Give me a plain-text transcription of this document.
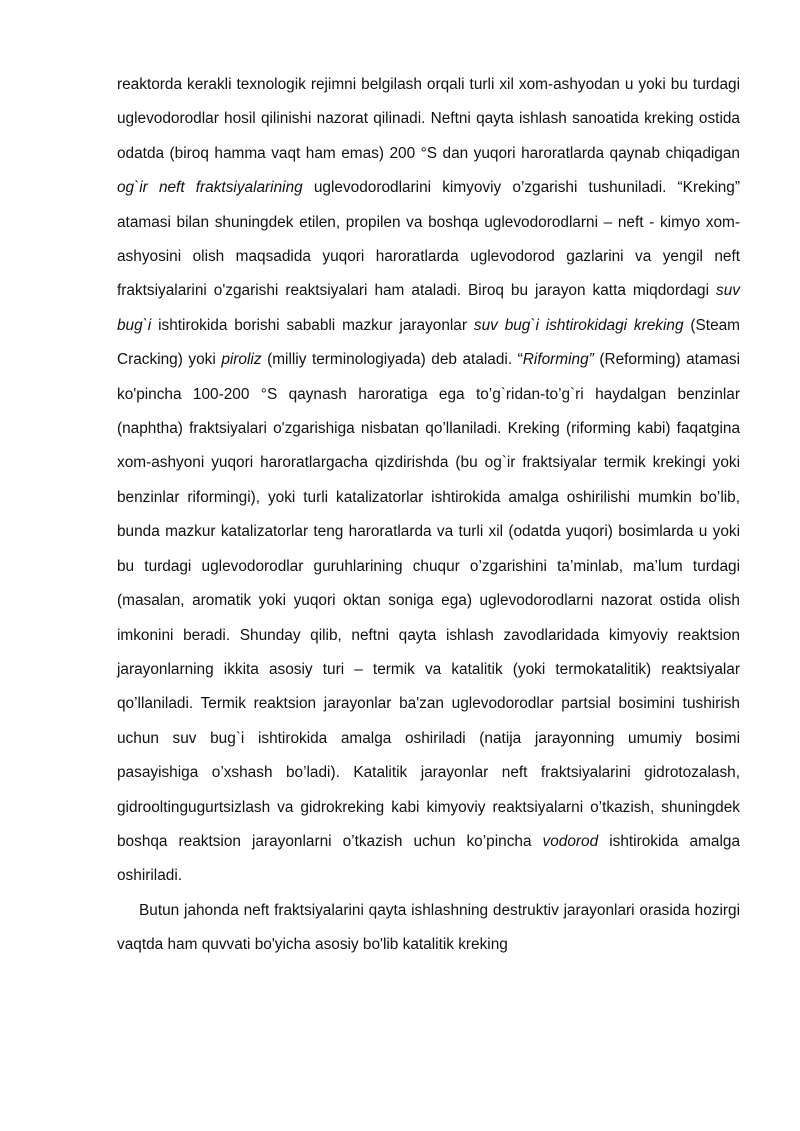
reaktorda kerakli texnologik rejimni belgilash orqali turli xil xom-ashyodan u yoki bu turdagi uglevodorodlar hosil qilinishi nazorat qilinadi. Neftni qayta ishlash sanoatida kreking ostida odatda (biroq hamma vaqt ham emas) 200 °S dan yuqori haroratlarda qaynab chiqadigan og`ir neft fraktsiyalarining uglevodorodlarini kimyoviy o’zgarishi tushuniladi. “Kreking” atamasi bilan shuningdek etilen, propilen va boshqa uglevodorodlarni – neft - kimyo xom-ashyosini olish maqsadida yuqori haroratlarda uglevodorod gazlarini va yengil neft fraktsiyalarini o'zgarishi reaktsiyalari ham ataladi. Biroq bu jarayon katta miqdordagi suv bug`i ishtirokida borishi sababli mazkur jarayonlar suv bug`i ishtirokidagi kreking (Steam Cracking) yoki piroliz (milliy terminologiyada) deb ataladi. “Riforming” (Reforming) atamasi ko'pincha 100-200 °S qaynash haroratiga ega to’g`ridan-to’g`ri haydalgan benzinlar (naphtha) fraktsiyalari o'zgarishiga nisbatan qo’llaniladi. Kreking (riforming kabi) faqatgina xom-ashyoni yuqori haroratlargacha qizdirishda (bu og`ir fraktsiyalar termik krekingi yoki benzinlar riformingi), yoki turli katalizatorlar ishtirokida amalga oshirilishi mumkin bo’lib, bunda mazkur katalizatorlar teng haroratlarda va turli xil (odatda yuqori) bosimlarda u yoki bu turdagi uglevodorodlar guruhlarining chuqur o’zgarishini ta’minlab, ma’lum turdagi (masalan, aromatik yoki yuqori oktan soniga ega) uglevodorodlarni nazorat ostida olish imkonini beradi. Shunday qilib, neftni qayta ishlash zavodlaridada kimyoviy reaktsion jarayonlarning ikkita asosiy turi – termik va katalitik (yoki termokatalitik) reaktsiyalar qo’llaniladi. Termik reaktsion jarayonlar ba'zan uglevodorodlar partsial bosimini tushirish uchun suv bug`i ishtirokida amalga oshiriladi (natija jarayonning umumiy bosimi pasayishiga o’xshash bo’ladi). Katalitik jarayonlar neft fraktsiyalarini gidrotozalash, gidrooltingugurtsizlash va gidrokreking kabi kimyoviy reaktsiyalarni o’tkazish, shuningdek boshqa reaktsion jarayonlarni o’tkazish uchun ko’pincha vodorod ishtirokida amalga oshiriladi.

Butun jahonda neft fraktsiyalarini qayta ishlashning destruktiv jarayonlari orasida hozirgi vaqtda ham quvvati bo'yicha asosiy bo'lib katalitik kreking
